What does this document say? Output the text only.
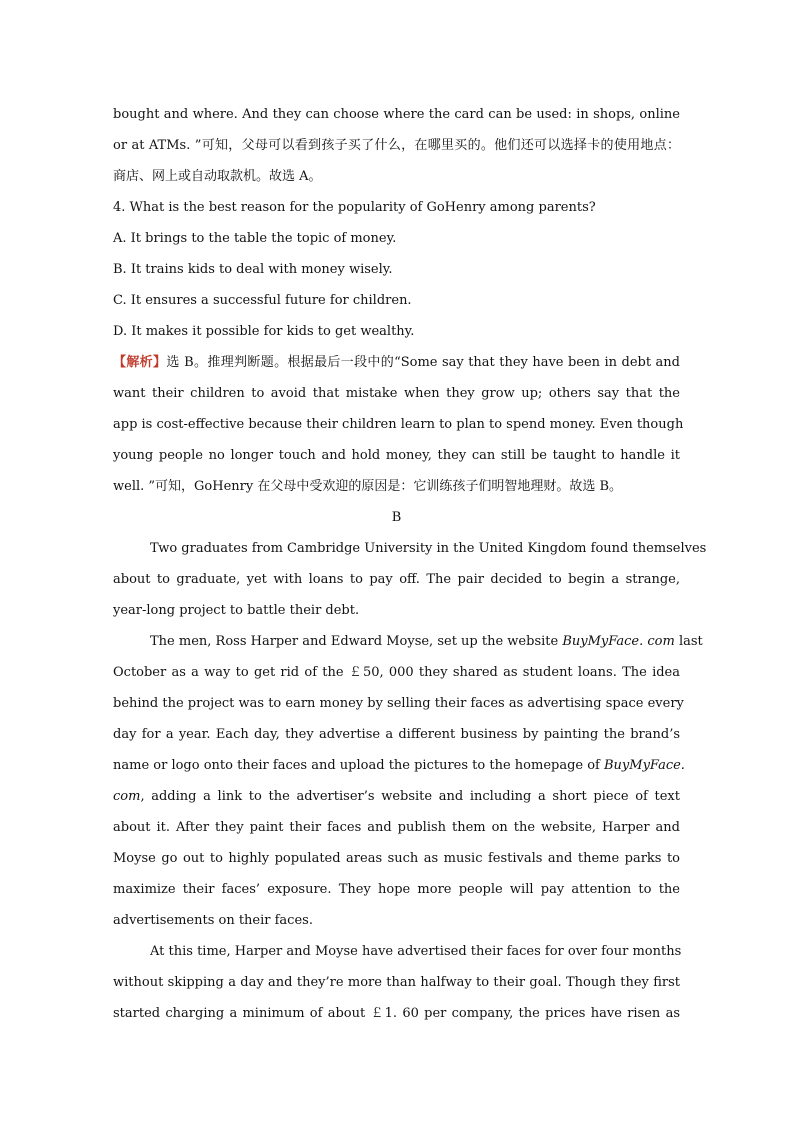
bought and where. And they can choose where the card can be used: in shops, online
or at ATMs. ”可知，父母可以看到孩子买了什么，在哪里买的。他们还可以选择卡的使用地点：
商店、网上或自动取款机。故选 A。
4. What is the best reason for the popularity of GoHenry among parents?
A. It brings to the table the topic of money.
B. It trains kids to deal with money wisely.
C. It ensures a successful future for children.
D. It makes it possible for kids to get wealthy.
【解析】选 B。推理判断题。根据最后一段中的“Some say that they have been in debt and
want their children to avoid that mistake when they grow up; others say that the
app is cost-effective because their children learn to plan to spend money. Even though
young people no longer touch and hold money, they can still be taught to handle it
well. ”可知，GoHenry 在父母中受欢迎的原因是：它训练孩子们明智地理财。故选 B。
B
Two graduates from Cambridge University in the United Kingdom found themselves
about to graduate, yet with loans to pay off. The pair decided to begin a strange,
year-long project to battle their debt.
The men, Ross Harper and Edward Moyse, set up the website BuyMyFace. com last
October as a way to get rid of the ￡50, 000 they shared as student loans. The idea
behind the project was to earn money by selling their faces as advertising space every
day for a year. Each day, they advertise a different business by painting the brand’s
name or logo onto their faces and upload the pictures to the homepage of BuyMyFace.
com, adding a link to the advertiser’s website and including a short piece of text
about it. After they paint their faces and publish them on the website, Harper and
Moyse go out to highly populated areas such as music festivals and theme parks to
maximize their faces’ exposure. They hope more people will pay attention to the
advertisements on their faces.
At this time, Harper and Moyse have advertised their faces for over four months
without skipping a day and they’re more than halfway to their goal. Though they first
started charging a minimum of about ￡1. 60 per company, the prices have risen as
